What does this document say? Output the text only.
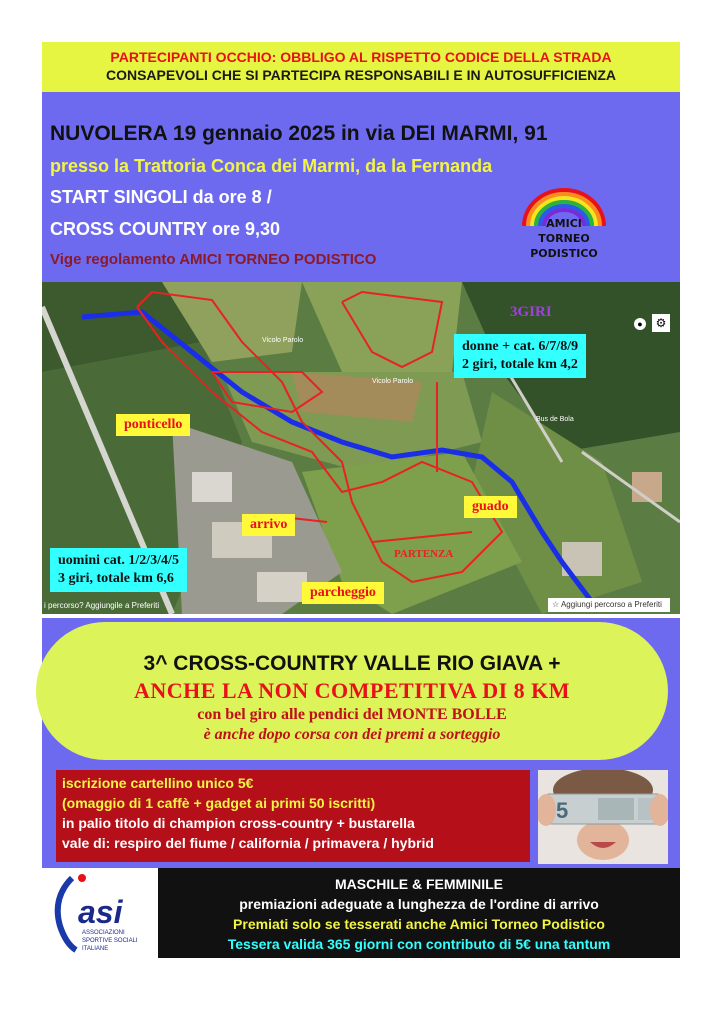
PARTECIPANTI OCCHIO: OBBLIGO AL RISPETTO CODICE DELLA STRADA
CONSAPEVOLI CHE SI PARTECIPA RESPONSABILI E IN AUTOSUFFICIENZA
NUVOLERA 19 gennaio 2025 in via DEI MARMI, 91
presso la Trattoria Conca dei Marmi, da la Fernanda
START SINGOLI da ore 8 /
CROSS COUNTRY ore 9,30
Vige regolamento AMICI TORNEO PODISTICO
AMICI
TORNEO
PODISTICO
3GIRI
PARTENZA
Vicolo Parolo
Vicolo Parolo
Bus de Bola
donne + cat. 6/7/8/9
2 giri, totale km 4,2
uomini cat. 1/2/3/4/5
3 giri, totale km 6,6
ponticello
arrivo
guado
parcheggio
●	⚙
i percorso? Aggiungile a Preferiti	☆ Aggiungi percorso a Preferiti
3^ CROSS-COUNTRY VALLE RIO GIAVA +
ANCHE LA NON COMPETITIVA DI 8 KM
con bel giro alle pendici del MONTE BOLLE
è anche dopo corsa con dei premi a sorteggio
iscrizione cartellino unico 5€
(omaggio di 1 caffè + gadget ai primi 50 iscritti)
in palio titolo di champion cross-country + bustarella
vale di: respiro del fiume / california / primavera / hybrid
5
asi
ASSOCIAZIONI
SPORTIVE SOCIALI
ITALIANE
MASCHILE & FEMMINILE
premiazioni adeguate a lunghezza de l'ordine di arrivo
Premiati solo se tesserati anche Amici Torneo Podistico
Tessera valida 365 giorni con contributo di 5€ una tantum
